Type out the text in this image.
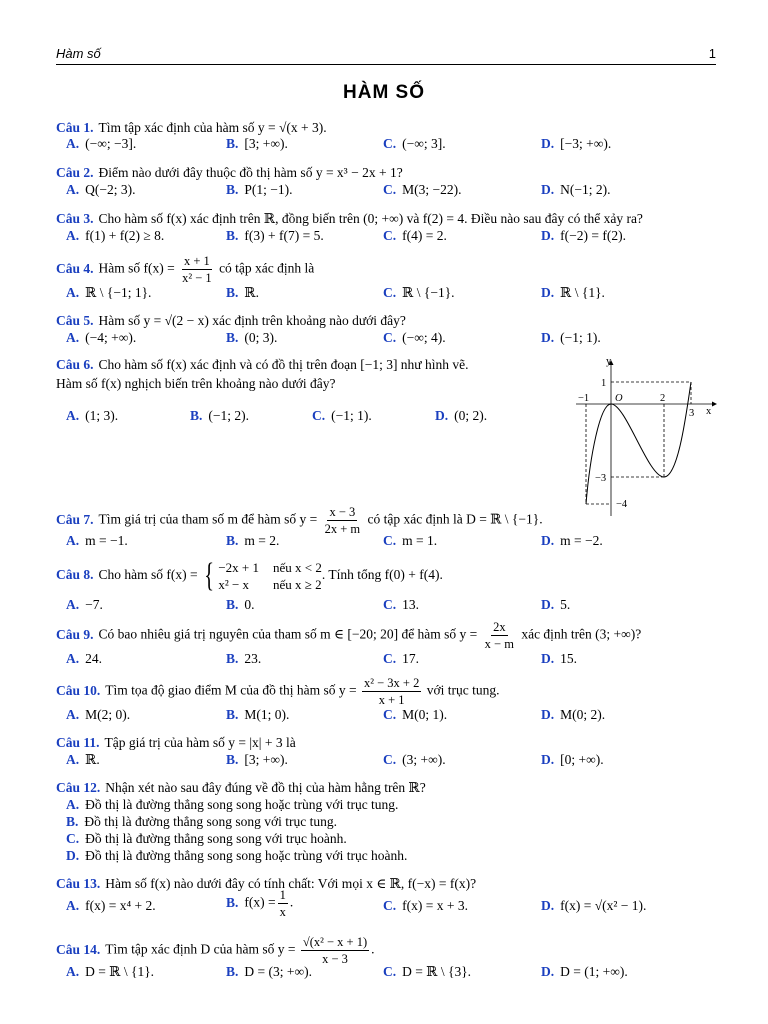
Hàm số	1
HÀM SỐ
Câu 1. Tìm tập xác định của hàm số y = √(x + 3).
A. (−∞; −3].	B. [3; +∞).	C. (−∞; 3].	D. [−3; +∞).
Câu 2. Điểm nào dưới đây thuộc đồ thị hàm số y = x³ − 2x + 1?
A. Q(−2; 3).	B. P(1; −1).	C. M(3; −22).	D. N(−1; 2).
Câu 3. Cho hàm số f(x) xác định trên ℝ, đồng biến trên (0; +∞) và f(2) = 4. Điều nào sau đây có thể xảy ra?
A. f(1) + f(2) ≥ 8.	B. f(3) + f(7) = 5.	C. f(4) = 2.	D. f(−2) = f(2).
Câu 4. Hàm số $f(x) = \frac{x + 1}{\text{x² − 1}}$ có tập xác định là
A. ℝ \ {−1; 1}.	B. ℝ.	C. ℝ \ {−1}.	D. ℝ \ {1}.
Câu 5. Hàm số y = √(2 − x) xác định trên khoảng nào dưới đây?
A. (−4; +∞).	B. (0; 3).	C. (−∞; 4).	D. (−1; 1).
Câu 6. Cho hàm số f(x) xác định và có đồ thị trên đoạn [−1; 3] như hình vẽ.
Hàm số f(x) nghịch biến trên khoảng nào dưới đây?
A. (1; 3).	B. (−1; 2).	C. (−1; 1).	D. (0; 2).
y
x
O
−1	2
3
1
−3
−4
Câu 7. Tìm giá trị của tham số m để hàm số $y = \frac{x - 3}{2x + m}$ có tập xác định là D = ℝ \ {−1}.
A. m = −1.	B. m = 2.	C. m = 1.	D. m = −2.
Câu 8. Cho hàm số f(x) = { −2x + 1 nếu x < 2
x² − x	nếu x ≥ 2
. Tính tổng f(0) + f(4).
A. −7.	B. 0.	C. 13.	D. 5.
Câu 9. Có bao nhiêu giá trị nguyên của tham số m ∈ [−20; 20] để hàm số $y = \frac{2x}{x - m}$ xác định trên (3; +∞)?
A. 24.	B. 23.	C. 17.	D. 15.
Câu 10. Tìm tọa độ giao điểm M của đồ thị hàm số $y = \frac{\text{x² − 3x + 2}}{x + 1}$ với trục tung.
A. M(2; 0).	B. M(1; 0).	C. M(0; 1).	D. M(0; 2).
Câu 11. Tập giá trị của hàm số y = |x| + 3 là
A. ℝ.	B. [3; +∞).	C. (3; +∞).	D. [0; +∞).
Câu 12. Nhận xét nào sau đây đúng về đồ thị của hàm hằng trên ℝ?
A. Đồ thị là đường thẳng song song hoặc trùng với trục tung.
B. Đồ thị là đường thẳng song song với trục tung.
C. Đồ thị là đường thẳng song song với trục hoành.
D. Đồ thị là đường thẳng song song hoặc trùng với trục hoành.
Câu 13. Hàm số f(x) nào dưới đây có tính chất: Với mọi x ∈ ℝ, f(−x) = f(x)?
A. f(x) = x⁴ + 2.	B. $f(x) = \frac{1}{x}$ .	C. f(x) = x + 3.	D. f(x) = √(x² − 1).
Câu 14. Tìm tập xác định D của hàm số $y = \frac{\text{√(x² − x + 1)}}{x - 3}$ .
A. D = ℝ \ {1}.	B. D = (3; +∞).	C. D = ℝ \ {3}.	D. D = (1; +∞).
